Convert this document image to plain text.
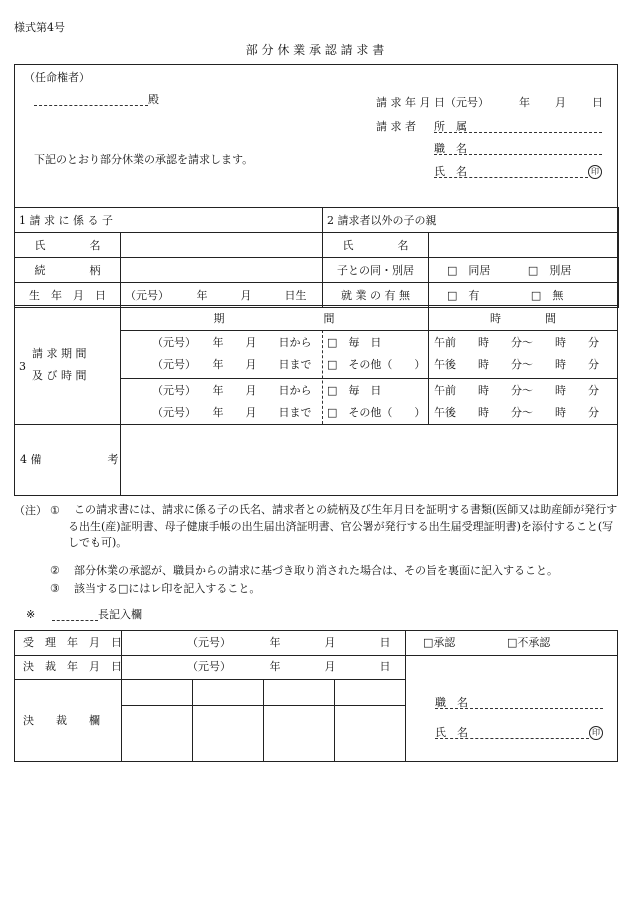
様式第4号
部 分 休 業 承 認 請 求 書
（任命権者）
殿	請 求 年 月 日（元号）	年 月 日
請 求 者 所　属
職　名
下記のとおり部分休業の承認を請求します。
氏　名	印
1 請 求 に 係 る 子		2 請求者以外の子の親	
氏　　　　名		氏　　　　名	
続　　　　柄		子との同・別居	□　同居 □　別居
生　年　月　日	（元号）　　　年　　　月　　　日生	就 業 の 有 無	□　有 □　無
3
請 求 期 間
及 び 時 間
期　　　　　　　　　間	時　　　　間
（元号）　　年　　月　　日から □　毎　日	午前　　時　　分〜　　時　　分
（元号）　　年　　月　　日まで □　その他（　　） 午後　　時　　分〜　　時　　分
（元号）　　年　　月　　日から □　毎　日	午前　　時　　分〜　　時　　分
（元号）　　年　　月　　日まで □　その他（　　） 午後　　時　　分〜　　時　　分
4 備　　　　　　考
（注） ①	この請求書には、請求に係る子の氏名、請求者との続柄及び生年月日を証明する書類(医師又は助産師が発行する出生(産)証明書、母子健康手帳の出生届出済証明書、官公署が発行する出生届受理証明書)を添付すること(写しでも可)。
② 部分休業の承認が、職員からの請求に基づき取り消された場合は、その旨を裏面に記入すること。
③ 該当する□にはレ印を記入すること。
※	長記入欄
受　理　年　月　日	（元号）　　　　年　　　　月　　　　日	□承認	□不承認
決　裁　年　月　日	（元号）　　　　年　　　　月　　　　日
決　　裁　　欄
職　名
氏　名	印
